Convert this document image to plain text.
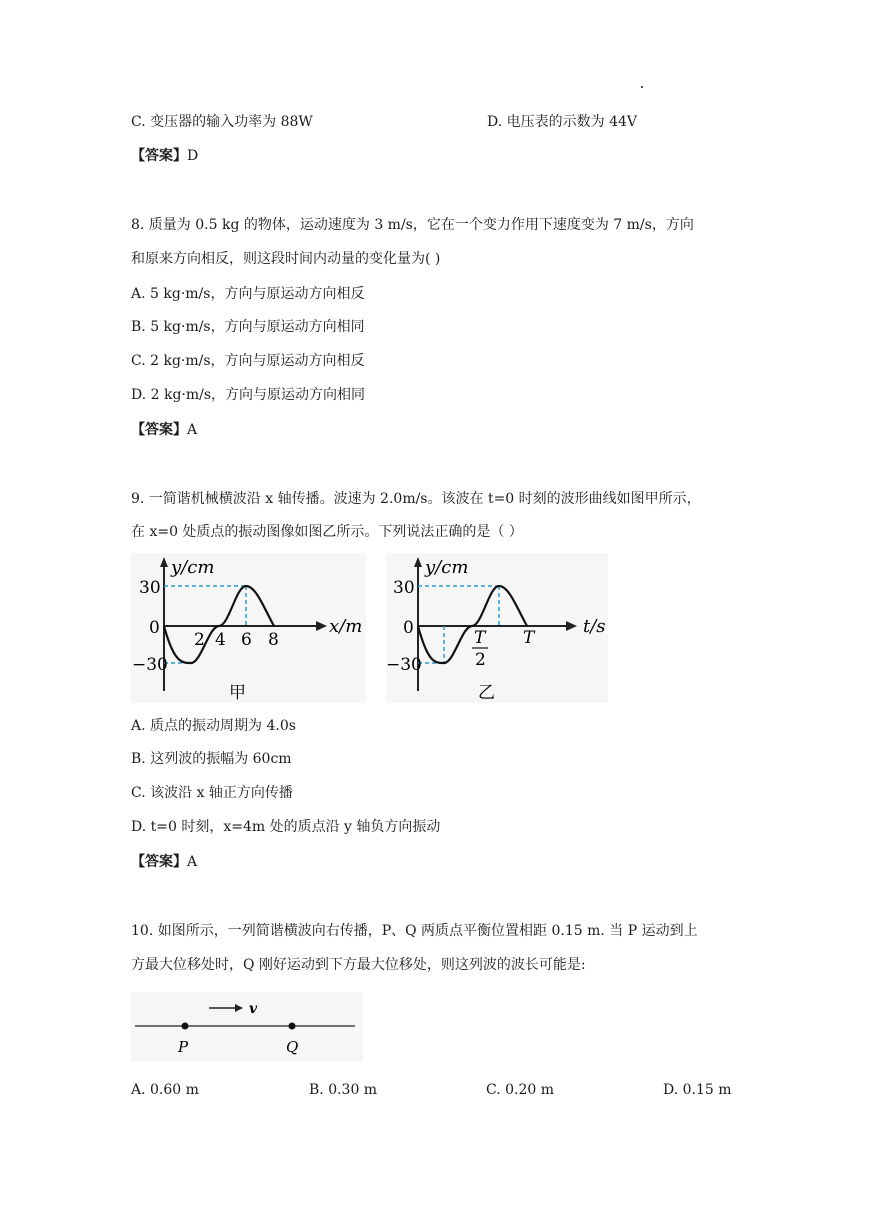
C. 变压器的输入功率为 88W	D. 电压表的示数为 44V
【答案】D
8. 质量为 0.5 kg 的物体，运动速度为 3 m/s，它在一个变力作用下速度变为 7 m/s，方向
和原来方向相反，则这段时间内动量的变化量为( )
A. 5 kg·m/s，方向与原运动方向相反
B. 5 kg·m/s，方向与原运动方向相同
C. 2 kg·m/s，方向与原运动方向相反
D. 2 kg·m/s，方向与原运动方向相同
【答案】A
9. 一简谐机械横波沿 x 轴传播。波速为 2.0m/s。该波在 t=0 时刻的波形曲线如图甲所示，
在 x=0 处质点的振动图像如图乙所示。下列说法正确的是（ ）
y/cm
30
0
−30
2 4 6 8
x/m
甲
y/cm
30
0
−30
T
2
T
t/s
乙
A. 质点的振动周期为 4.0s
B. 这列波的振幅为 60cm
C. 该波沿 x 轴正方向传播
D. t=0 时刻，x=4m 处的质点沿 y 轴负方向振动
【答案】A
10. 如图所示，一列简谐横波向右传播，P、Q 两质点平衡位置相距 0.15 m. 当 P 运动到上
方最大位移处时，Q 刚好运动到下方最大位移处，则这列波的波长可能是:
v
P	Q
A. 0.60 m	B. 0.30 m	C. 0.20 m	D. 0.15 m
